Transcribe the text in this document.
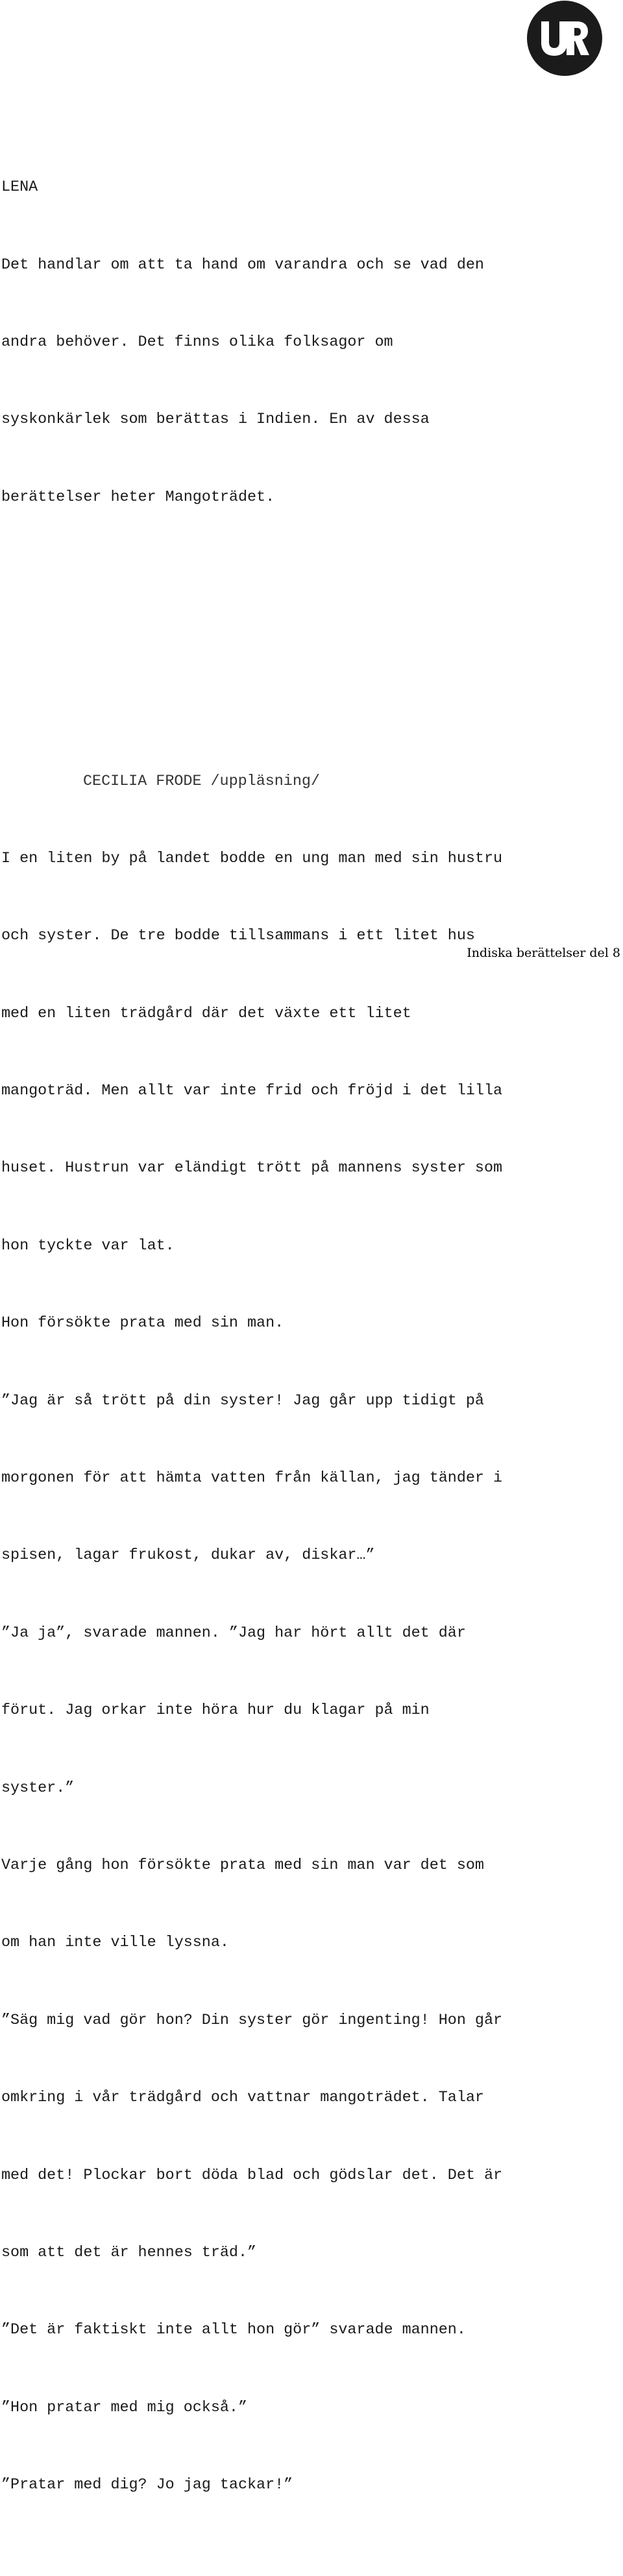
LENA

Det handlar om att ta hand om varandra och se vad den

andra behöver. Det finns olika folksagor om

syskonkärlek som berättas i Indien. En av dessa

berättelser heter Mangoträdet.

CECILIA FRODE /uppläsning/

I en liten by på landet bodde en ung man med sin hustru

och syster. De tre bodde tillsammans i ett litet hus

med en liten trädgård där det växte ett litet

mangoträd. Men allt var inte frid och fröjd i det lilla

huset. Hustrun var eländigt trött på mannens syster som

hon tyckte var lat.

Hon försökte prata med sin man.

”Jag är så trött på din syster! Jag går upp tidigt på

morgonen för att hämta vatten från källan, jag tänder i

spisen, lagar frukost, dukar av, diskar…”

”Ja ja”, svarade mannen. ”Jag har hört allt det där

förut. Jag orkar inte höra hur du klagar på min

syster.”

Varje gång hon försökte prata med sin man var det som

om han inte ville lyssna.

”Säg mig vad gör hon? Din syster gör ingenting! Hon går

omkring i vår trädgård och vattnar mangoträdet. Talar

med det! Plockar bort döda blad och gödslar det. Det är

som att det är hennes träd.”

”Det är faktiskt inte allt hon gör” svarade mannen.

”Hon pratar med mig också.”

”Pratar med dig? Jo jag tackar!”

Indiska berättelser del 8
